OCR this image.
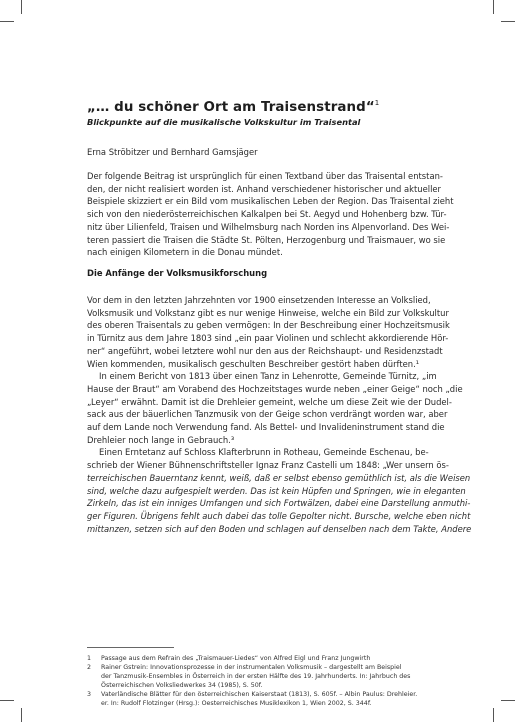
„… du schöner Ort am Traisenstrand“$^1$
Blickpunkte auf die musikalische Volkskultur im Traisental
Erna Ströbitzer und Bernhard Gamsjäger
Der folgende Beitrag ist ursprünglich für einen Textband über das Traisental entstan-
den, der nicht realisiert worden ist. Anhand verschiedener historischer und aktueller
Beispiele skizziert er ein Bild vom musikalischen Leben der Region. Das Traisental zieht
sich von den niederösterreichischen Kalkalpen bei St. Aegyd und Hohenberg bzw. Tür-
nitz über Lilienfeld, Traisen und Wilhelmsburg nach Norden ins Alpenvorland. Des Wei-
teren passiert die Traisen die Städte St. Pölten, Herzogenburg und Traismauer, wo sie
nach einigen Kilometern in die Donau mündet.
Die Anfänge der Volksmusikforschung
Vor dem in den letzten Jahrzehnten vor 1900 einsetzenden Interesse an Volkslied,
Volksmusik und Volkstanz gibt es nur wenige Hinweise, welche ein Bild zur Volkskultur
des oberen Traisentals zu geben vermögen: In der Beschreibung einer Hochzeitsmusik
in Türnitz aus dem Jahre 1803 sind „ein paar Violinen und schlecht akkordierende Hör-
ner“ angeführt, wobei letztere wohl nur den aus der Reichshaupt- und Residenzstadt
Wien kommenden, musikalisch geschulten Beschreiber gestört haben dürften.¹
In einem Bericht von 1813 über einen Tanz in Lehenrotte, Gemeinde Türnitz, „im
Hause der Braut“ am Vorabend des Hochzeitstages wurde neben „einer Geige“ noch „die
„Leyer“ erwähnt. Damit ist die Drehleier gemeint, welche um diese Zeit wie der Dudel-
sack aus der bäuerlichen Tanzmusik von der Geige schon verdrängt worden war, aber
auf dem Lande noch Verwendung fand. Als Bettel- und Invalideninstrument stand die
Drehleier noch lange in Gebrauch.³
Einen Erntetanz auf Schloss Klafterbrunn in Rotheau, Gemeinde Eschenau, be-
schrieb der Wiener Bühnenschriftsteller Ignaz Franz Castelli um 1848: „Wer unsern ös-
terreichischen Bauerntanz kennt, weiß, daß er selbst ebenso gemüthlich ist, als die Weisen
sind, welche dazu aufgespielt werden. Das ist kein Hüpfen und Springen, wie in eleganten
Zirkeln, das ist ein inniges Umfangen und sich Fortwälzen, dabei eine Darstellung anmuthi-
ger Figuren. Übrigens fehlt auch dabei das tolle Gepolter nicht. Bursche, welche eben nicht
mittanzen, setzen sich auf den Boden und schlagen auf denselben nach dem Takte, Andere
1	Passage aus dem Refrain des „Traismauer-Liedes“ von Alfred Eigl und Franz Jungwirth
2	Rainer Gstrein: Innovationsprozesse in der instrumentalen Volksmusik – dargestellt am Beispiel
der Tanzmusik-Ensembles in Österreich in der ersten Hälfte des 19. Jahrhunderts. In: Jahrbuch des
Österreichischen Volksliedwerkes 34 (1985), S. 50f.
3	Vaterländische Blätter für den österreichischen Kaiserstaat (1813), S. 605f. – Albin Paulus: Drehleier.
er. In: Rudolf Flotzinger (Hrsg.): Oesterreichisches Musiklexikon 1, Wien 2002, S. 344f.
